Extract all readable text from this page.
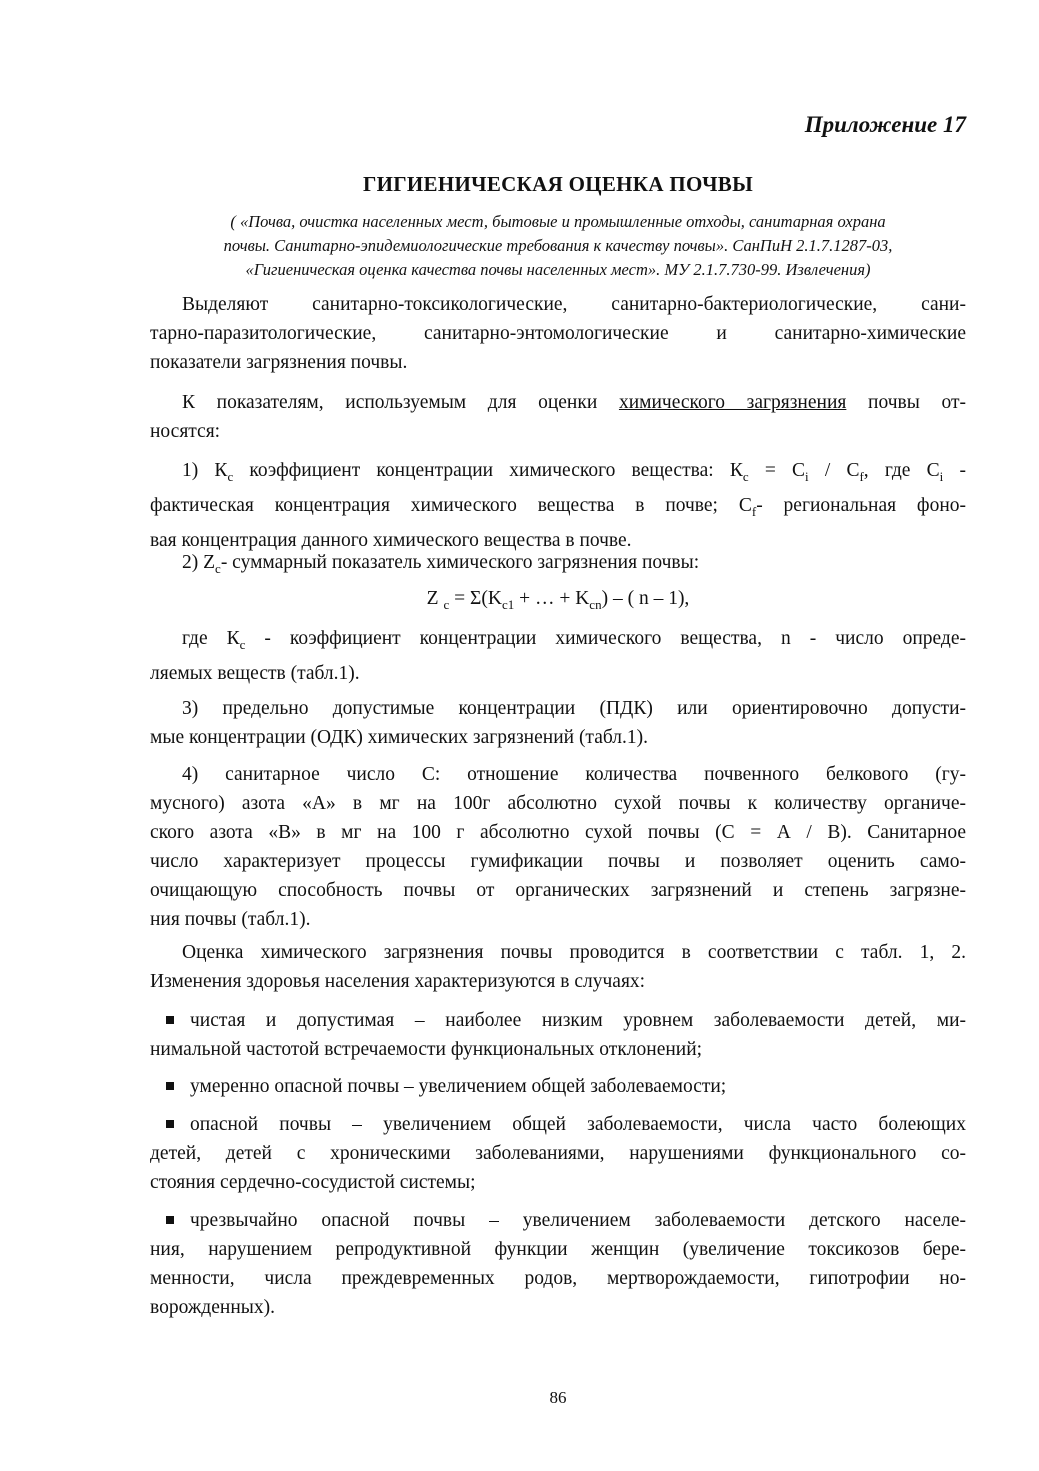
Приложение 17
ГИГИЕНИЧЕСКАЯ ОЦЕНКА ПОЧВЫ
( «Почва, очистка населенных мест, бытовые и промышленные отходы, санитарная охрана
почвы. Санитарно-эпидемиологические требования к качеству почвы». СанПиН 2.1.7.1287-03,
«Гигиеническая оценка качества почвы населенных мест». МУ 2.1.7.730-99. Извлечения)
Выделяют санитарно-токсикологические, санитарно-бактериологические, сани-
тарно-паразитологические, санитарно-энтомологические и санитарно-химические
показатели загрязнения почвы.
К показателям, используемым для оценки химического загрязнения почвы от-
носятся:
1) $К_c$ коэффициент концентрации химического вещества: $К_c = C_i / C_f$, где $C_i$ -
фактическая концентрация химического вещества в почве; $C_f-$ региональная фоно-
вая концентрация данного химического вещества в почве.
2) $Z_c-$ суммарный показатель химического загрязнения почвы:
Z $_c = \Sigma(K_{c1}$ + … + $K_{cn}$) – ( n – 1),
где $К_c$ - коэффициент концентрации химического вещества, n - число опреде-
ляемых веществ (табл.1).
3) предельно допустимые концентрации (ПДК) или ориентировочно допусти-
мые концентрации (ОДК) химических загрязнений (табл.1).
4) санитарное число С: отношение количества почвенного белкового (гу-
мусного) азота «А» в мг на 100г абсолютно сухой почвы к количеству органиче-
ского азота «В» в мг на 100 г абсолютно сухой почвы (С = А / В). Санитарное
число характеризует процессы гумификации почвы и позволяет оценить само-
очищающую способность почвы от органических загрязнений и степень загрязне-
ния почвы (табл.1).
Оценка химического загрязнения почвы проводится в соответствии с табл. 1, 2.
Изменения здоровья населения характеризуются в случаях:
чистая и допустимая – наиболее низким уровнем заболеваемости детей, ми-
нимальной частотой встречаемости функциональных отклонений;
умеренно опасной почвы – увеличением общей заболеваемости;
опасной почвы – увеличением общей заболеваемости, числа часто болеющих
детей, детей с хроническими заболеваниями, нарушениями функционального со-
стояния сердечно-сосудистой системы;
чрезвычайно опасной почвы – увеличением заболеваемости детского населе-
ния, нарушением репродуктивной функции женщин (увеличение токсикозов бере-
менности, числа преждевременных родов, мертворождаемости, гипотрофии но-
ворожденных).
86
